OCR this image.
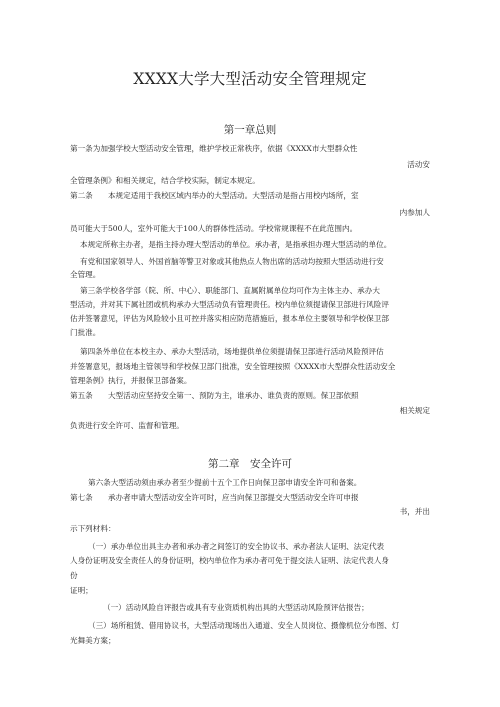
XXXX大学大型活动安全管理规定
第一章总则
第一条为加强学校大型活动安全管理，维护学校正常秩序，依据《XXXX市大型群众性
活动安
全管理条例》和相关规定，结合学校实际，制定本规定。
第二条　　本规定适用于我校区域内举办的大型活动。大型活动是指占用校内场所，室
内参加人
员可能大于500人，室外可能大于100人的群体性活动。学校常规课程不在此范围内。
本规定所称主办者，是指主持办理大型活动的单位。承办者，是指承担办理大型活动的单位。
有党和国家领导人、外国首脑等警卫对象或其他热点人物出席的活动均按照大型活动进行安
全管理。
第三条学校各学部（院、所、中心）、职能部门、直属附属单位均可作为主体主办、承办大
型活动，并对其下属社团或机构承办大型活动负有管理责任。校内单位须提请保卫部进行风险评
估并签署意见，评估为风险较小且可控并落实相应防范措施后，报本单位主要领导和学校保卫部
门批准。
第四条外单位在本校主办、承办大型活动，场地提供单位须提请保卫部进行活动风险预评估
并签署意见，报场地主管领导和学校保卫部门批准，安全管理按照《XXXX市大型群众性活动安全
管理条例》执行，并报保卫部备案。
第五条　　大型活动应坚持安全第一、预防为主，谁承办、谁负责的原则。保卫部依照
相关规定
负责进行安全许可、监督和管理。
第二章　安全许可
第六条大型活动须由承办者至少提前十五个工作日向保卫部申请安全许可和备案。
第七条　　承办者申请大型活动安全许可时，应当向保卫部提交大型活动安全许可申报
书，并出
示下列材料：
（一）承办单位出具主办者和承办者之间签订的安全协议书、承办者法人证明、法定代表
人身份证明及安全责任人的身份证明，校内单位作为承办者可免于提交法人证明、法定代表人身
份
证明；
（一）活动风险自评报告或具有专业资质机构出具的大型活动风险预评估报告；
（三）场所租赁、借用协议书，大型活动现场出入通道、安全人员岗位、摄像机位分布图、灯
光舞美方案；
